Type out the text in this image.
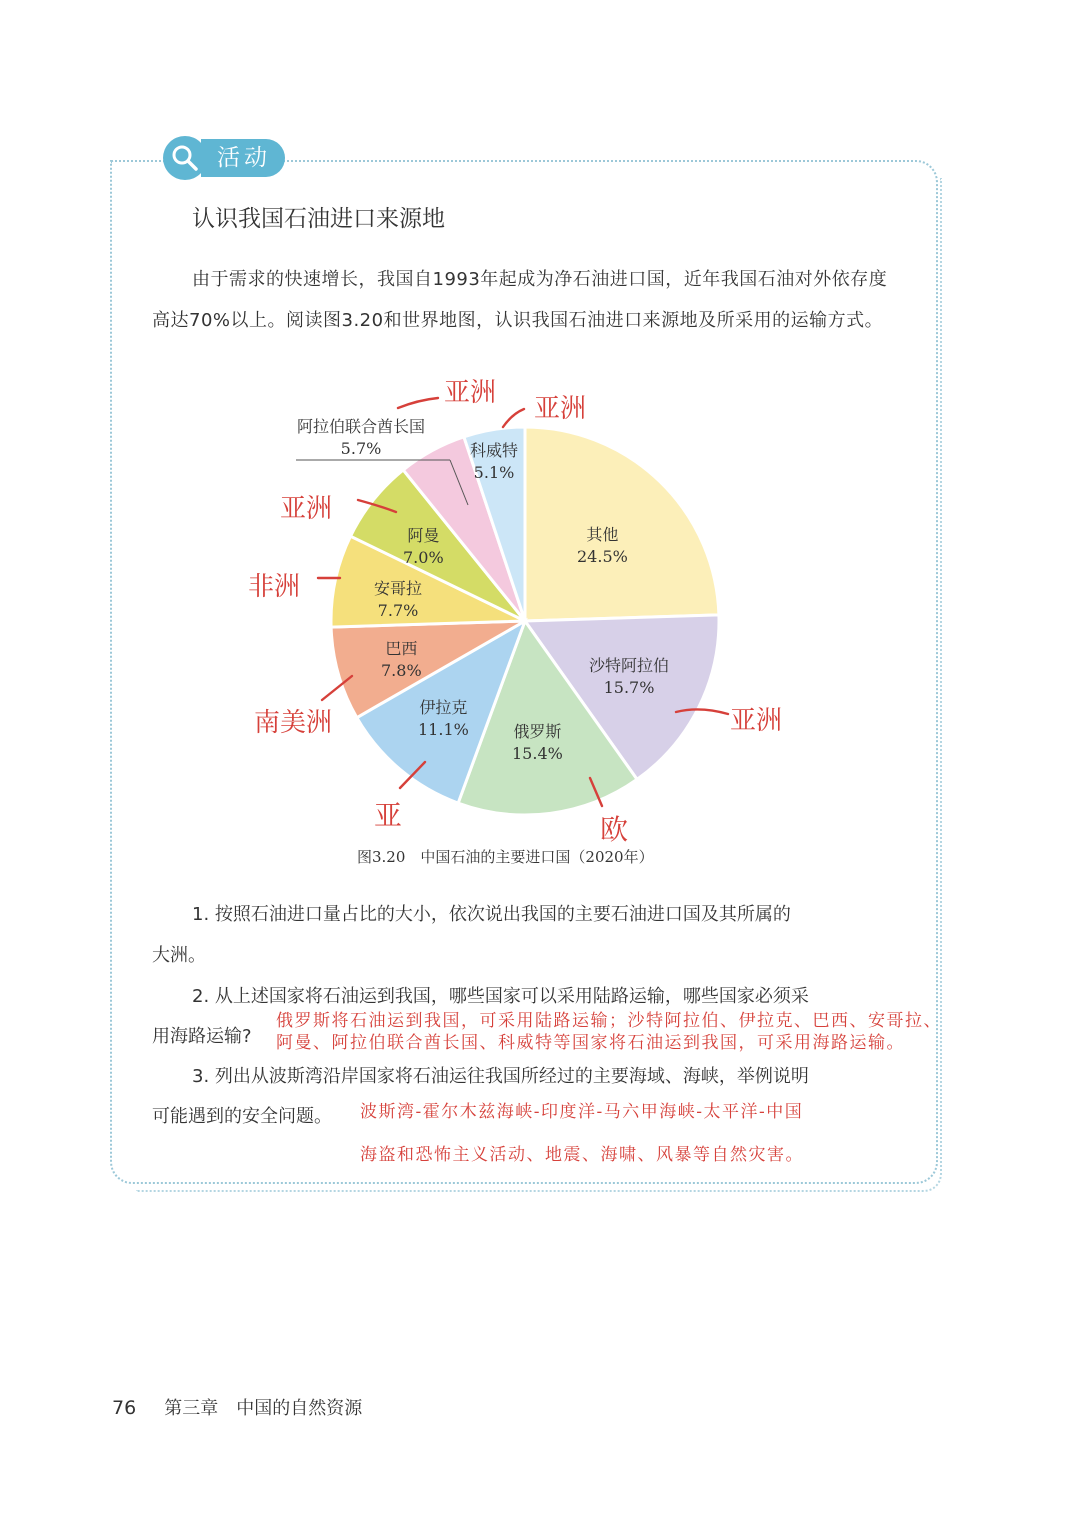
活动
认识我国石油进口来源地
由于需求的快速增长，我国自1993年起成为净石油进口国，近年我国石油对外依存度高达70%以上。阅读图3.20和世界地图，认识我国石油进口来源地及所采用的运输方式。
阿拉伯联合酋长国
5.7%	科威特
5.1%
其他
24.5%
阿曼
7.0%
安哥拉
7.7%
巴西
7.8%	沙特阿拉伯
15.7%
伊拉克
11.1%	俄罗斯
15.4%
亚洲
亚洲
亚洲
非洲
南美洲
亚	欧
亚洲
图3.20　中国石油的主要进口国（2020年）
1. 按照石油进口量占比的大小，依次说出我国的主要石油进口国及其所属的
大洲。
2. 从上述国家将石油运到我国，哪些国家可以采用陆路运输，哪些国家必须采
用海路运输?
俄罗斯将石油运到我国，可采用陆路运输；沙特阿拉伯、伊拉克、巴西、安哥拉、
阿曼、阿拉伯联合酋长国、科威特等国家将石油运到我国，可采用海路运输。
3. 列出从波斯湾沿岸国家将石油运往我国所经过的主要海域、海峡，举例说明
可能遇到的安全问题。 波斯湾-霍尔木兹海峡-印度洋-马六甲海峡-太平洋-中国
海盗和恐怖主义活动、地震、海啸、风暴等自然灾害。
76 第三章　中国的自然资源
